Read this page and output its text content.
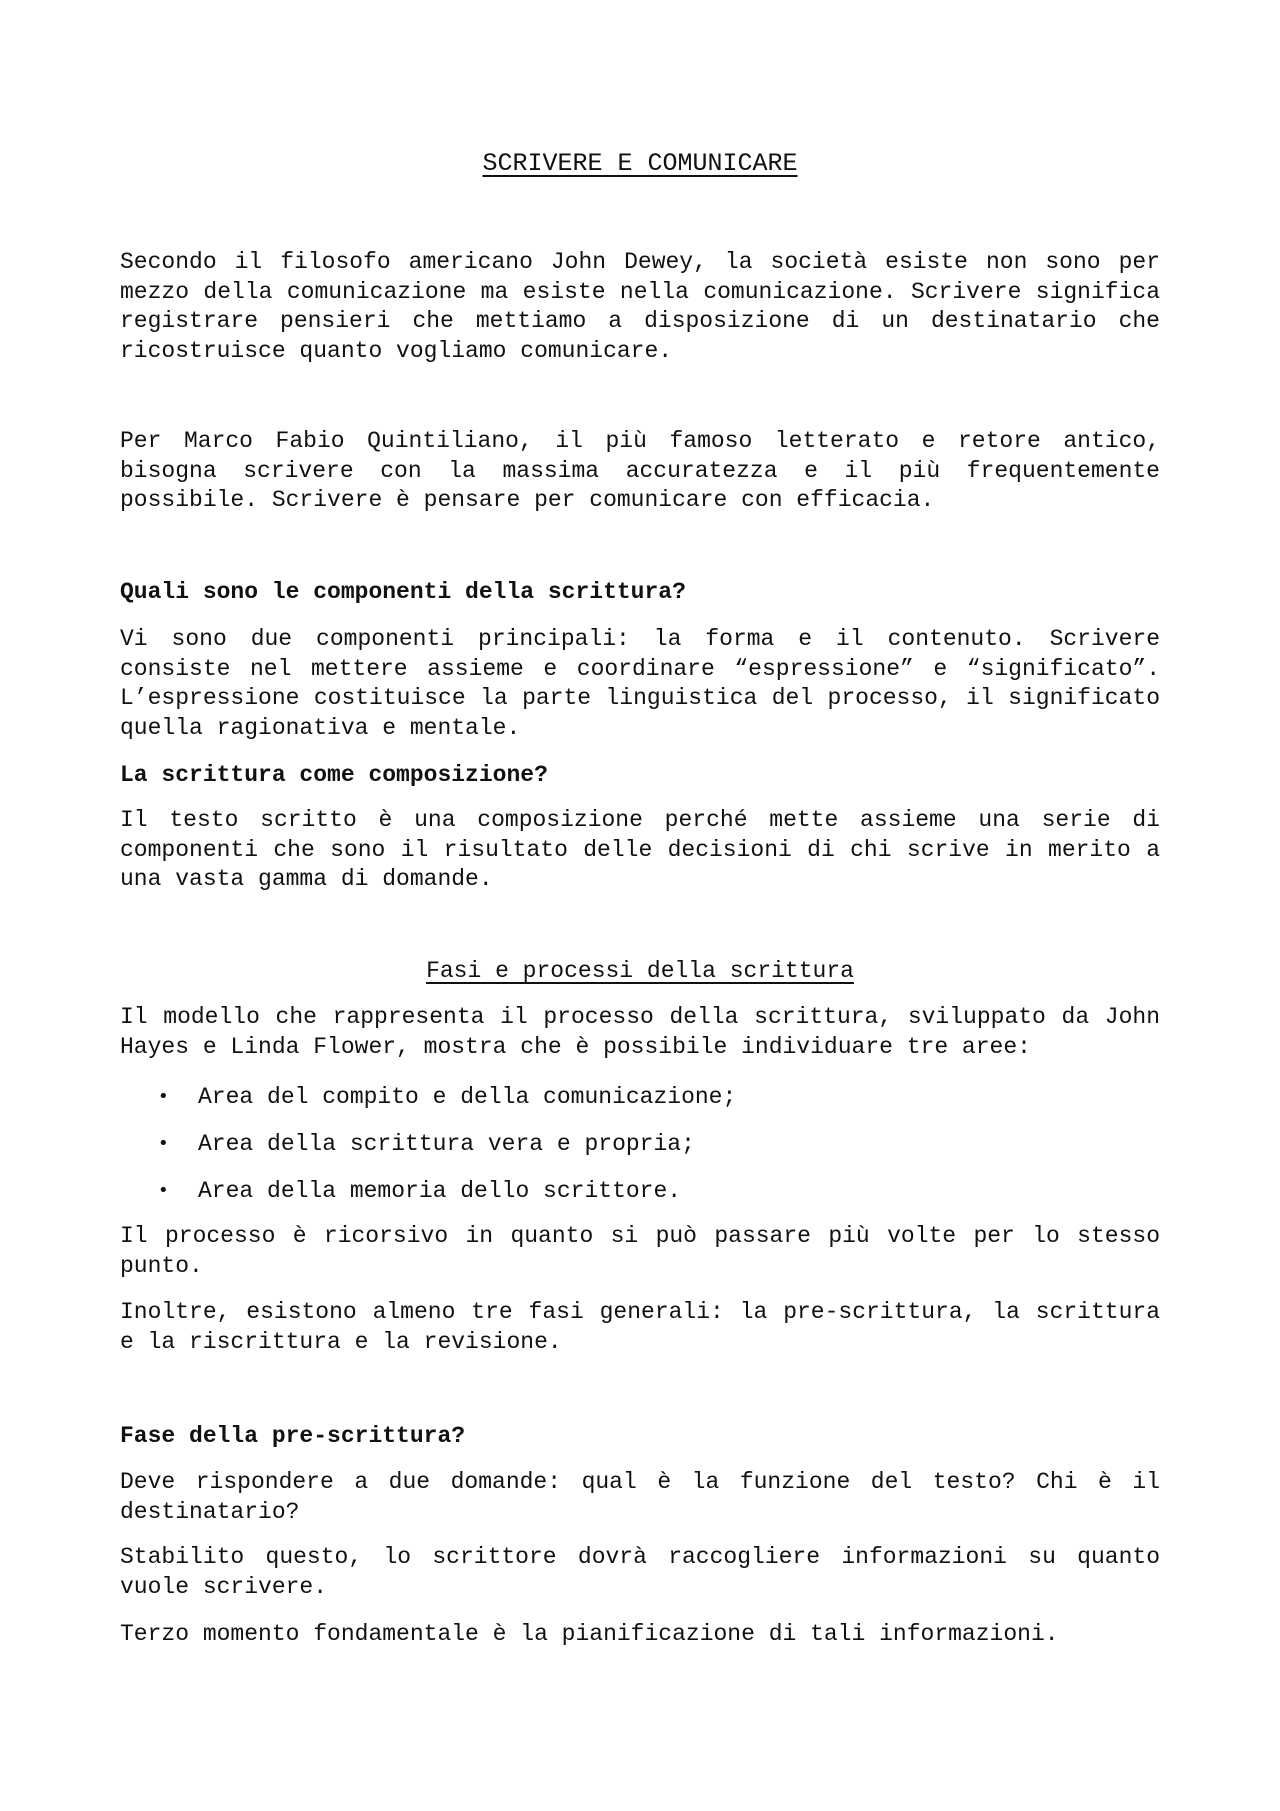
SCRIVERE E COMUNICARE

Secondo il filosofo americano John Dewey, la società esiste non sono per mezzo della comunicazione ma esiste nella comunicazione. Scrivere significa registrare pensieri che mettiamo a disposizione di un destinatario che ricostruisce quanto vogliamo comunicare.

Per Marco Fabio Quintiliano, il più famoso letterato e retore antico, bisogna scrivere con la massima accuratezza e il più frequentemente possibile. Scrivere è pensare per comunicare con efficacia.

Quali sono le componenti della scrittura?

Vi sono due componenti principali: la forma e il contenuto. Scrivere consiste nel mettere assieme e coordinare “espressione” e “significato”. L’espressione costituisce la parte linguistica del processo, il significato quella ragionativa e mentale.

La scrittura come composizione?

Il testo scritto è una composizione perché mette assieme una serie di componenti che sono il risultato delle decisioni di chi scrive in merito a una vasta gamma di domande.

Fasi e processi della scrittura

Il modello che rappresenta il processo della scrittura, sviluppato da John Hayes e Linda Flower, mostra che è possibile individuare tre aree:

• Area del compito e della comunicazione;
• Area della scrittura vera e propria;
• Area della memoria dello scrittore.

Il processo è ricorsivo in quanto si può passare più volte per lo stesso punto.

Inoltre, esistono almeno tre fasi generali: la pre-scrittura, la scrittura e la riscrittura e la revisione.

Fase della pre-scrittura?

Deve rispondere a due domande: qual è la funzione del testo? Chi è il destinatario?

Stabilito questo, lo scrittore dovrà raccogliere informazioni su quanto vuole scrivere.

Terzo momento fondamentale è la pianificazione di tali informazioni.
